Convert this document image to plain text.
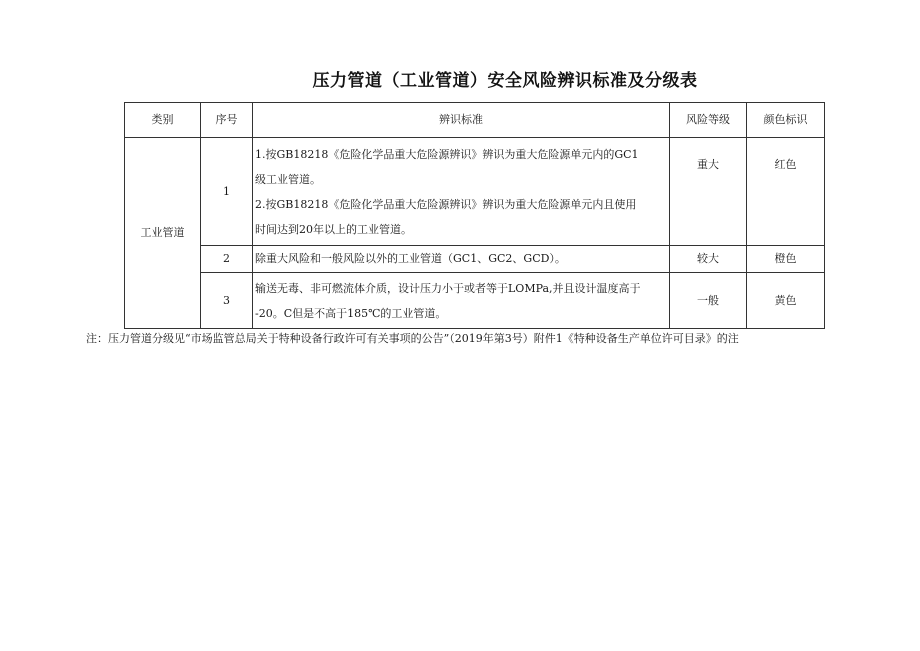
压力管道（工业管道）安全风险辨识标准及分级表
类别	序号	辨识标准	风险等级	颜色标识
工业管道	1	1.按GB18218《危险化学品重大危险源辨识》辨识为重大危险源单元内的GC1
级工业管道。
2.按GB18218《危险化学品重大危险源辨识》辨识为重大危险源单元内且使用
时间达到20年以上的工业管道。	重大	红色
	2	除重大风险和一般风险以外的工业管道（GC1、GC2、GCD）。	较大	橙色
	3	输送无毒、非可燃流体介质，设计压力小于或者等于LOMPa,并且设计温度高于
-20。C但是不高于185℃的工业管道。	一般	黄色
注：压力管道分级见“市场监管总局关于特种设备行政许可有关事项的公告”（2019年第3号）附件1《特种设备生产单位许可目录》的注
